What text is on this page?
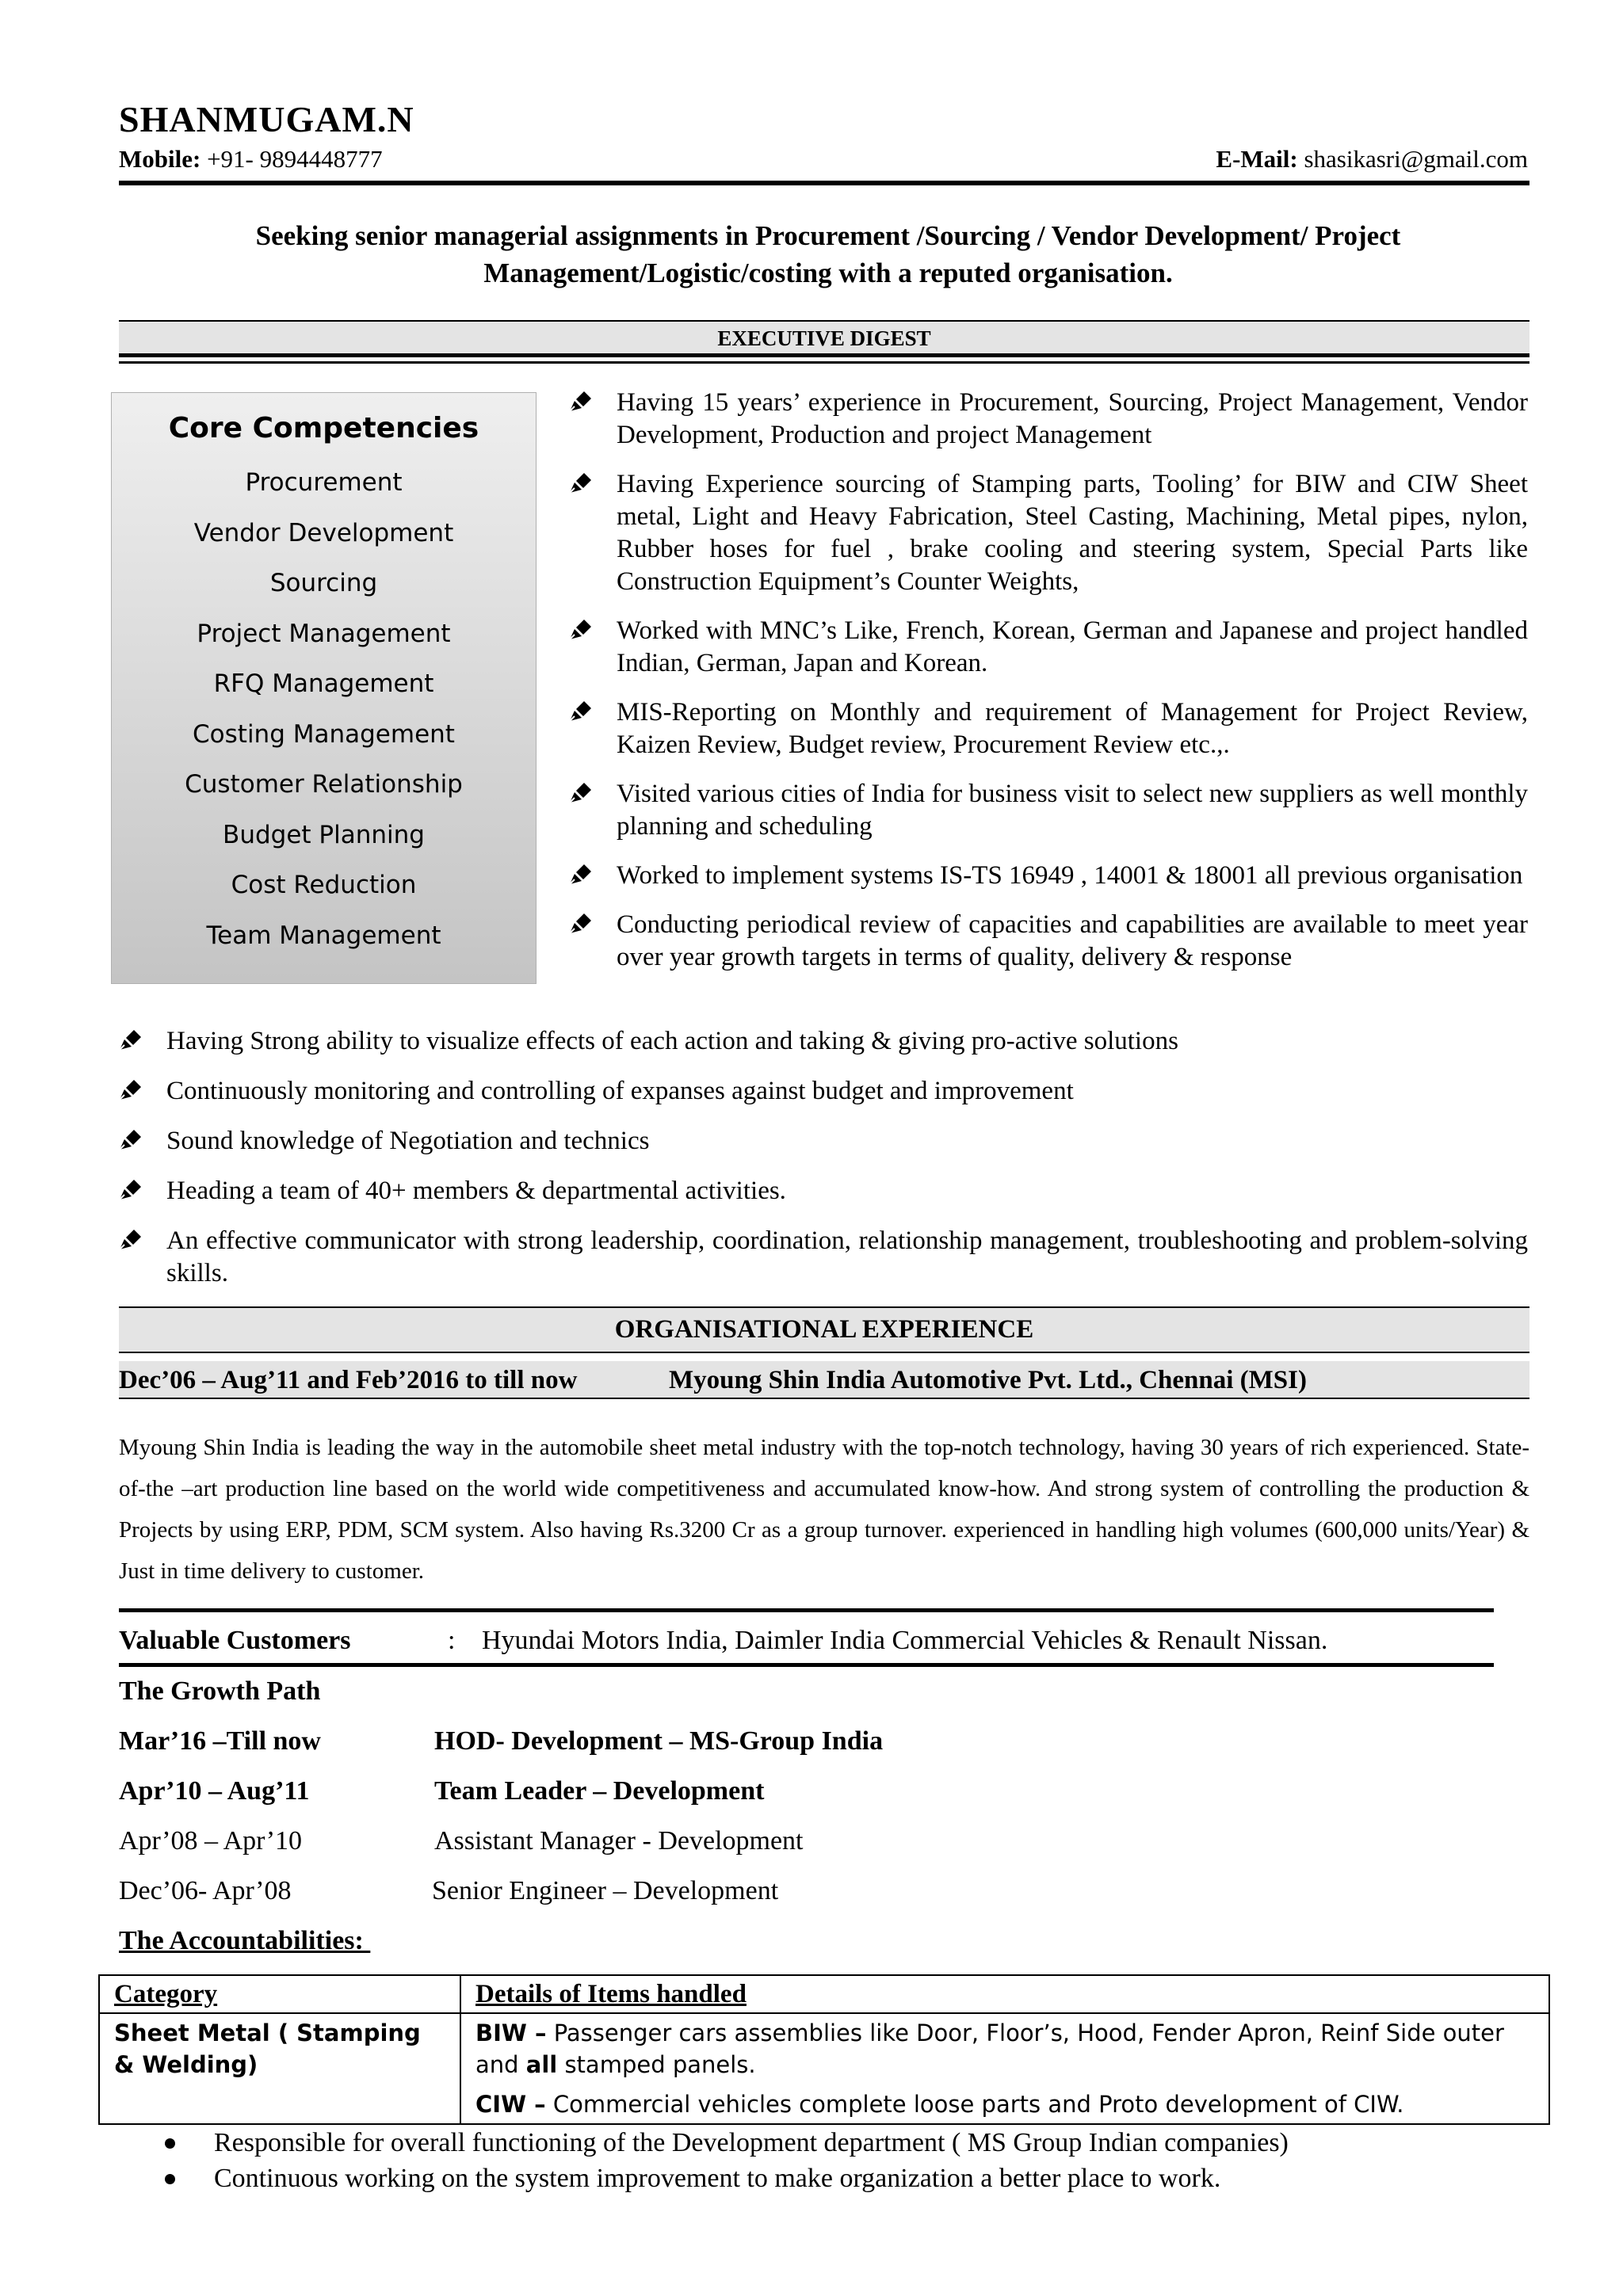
SHANMUGAM.N
Mobile: +91- 9894448777	E-Mail: shasikasri@gmail.com
Seeking senior managerial assignments in Procurement /Sourcing / Vendor Development/ Project Management/Logistic/costing with a reputed organisation.
EXECUTIVE DIGEST
Core Competencies
Procurement
Vendor Development
Sourcing
Project Management
RFQ Management
Costing Management
Customer Relationship
Budget Planning
Cost Reduction
Team Management
Having 15 years’ experience in Procurement, Sourcing, Project Management, Vendor Development, Production and project Management
Having Experience sourcing of Stamping parts, Tooling’ for BIW and CIW Sheet metal, Light and Heavy Fabrication, Steel Casting, Machining, Metal pipes, nylon, Rubber hoses for fuel , brake cooling and steering system, Special Parts like Construction Equipment’s Counter Weights,
Worked with MNC’s Like, French, Korean, German and Japanese and project handled Indian, German, Japan and Korean.
MIS-Reporting on Monthly and requirement of Management for Project Review, Kaizen Review, Budget review, Procurement Review etc.,.
Visited various cities of India for business visit to select new suppliers as well monthly planning and scheduling
Worked to implement systems IS-TS 16949 , 14001 & 18001 all previous organisation
Conducting periodical review of capacities and capabilities are available to meet year over year growth targets in terms of quality, delivery & response
Having Strong ability to visualize effects of each action and taking & giving pro-active solutions
Continuously monitoring and controlling of expanses against budget and improvement
Sound knowledge of Negotiation and technics
Heading a team of 40+ members & departmental activities.
An effective communicator with strong leadership, coordination, relationship management, troubleshooting and problem-solving skills.
ORGANISATIONAL EXPERIENCE
Dec’06 – Aug’11 and Feb’2016 to till now	Myoung Shin India Automotive Pvt. Ltd., Chennai (MSI)
Myoung Shin India is leading the way in the automobile sheet metal industry with the top-notch technology, having 30 years of rich experienced. State-of-the –art production line based on the world wide competitiveness and accumulated know-how. And strong system of controlling the production & Projects by using ERP, PDM, SCM system. Also having Rs.3200 Cr as a group turnover. experienced in handling high volumes (600,000 units/Year) & Just in time delivery to customer.
Valuable Customers	: Hyundai Motors India, Daimler India Commercial Vehicles & Renault Nissan.
The Growth Path
Mar’16 –Till now	HOD- Development – MS-Group India
Apr’10 – Aug’11	Team Leader – Development
Apr’08 – Apr’10	Assistant Manager - Development
Dec’06- Apr’08	Senior Engineer – Development
The Accountabilities:
Category	Details of Items handled
Sheet Metal ( Stamping & Welding)	BIW – Passenger cars assemblies like Door, Floor’s, Hood, Fender Apron, Reinf Side outer and all stamped panels.
CIW – Commercial vehicles complete loose parts and Proto development of CIW.
Responsible for overall functioning of the Development department ( MS Group Indian companies)
Continuous working on the system improvement to make organization a better place to work.
